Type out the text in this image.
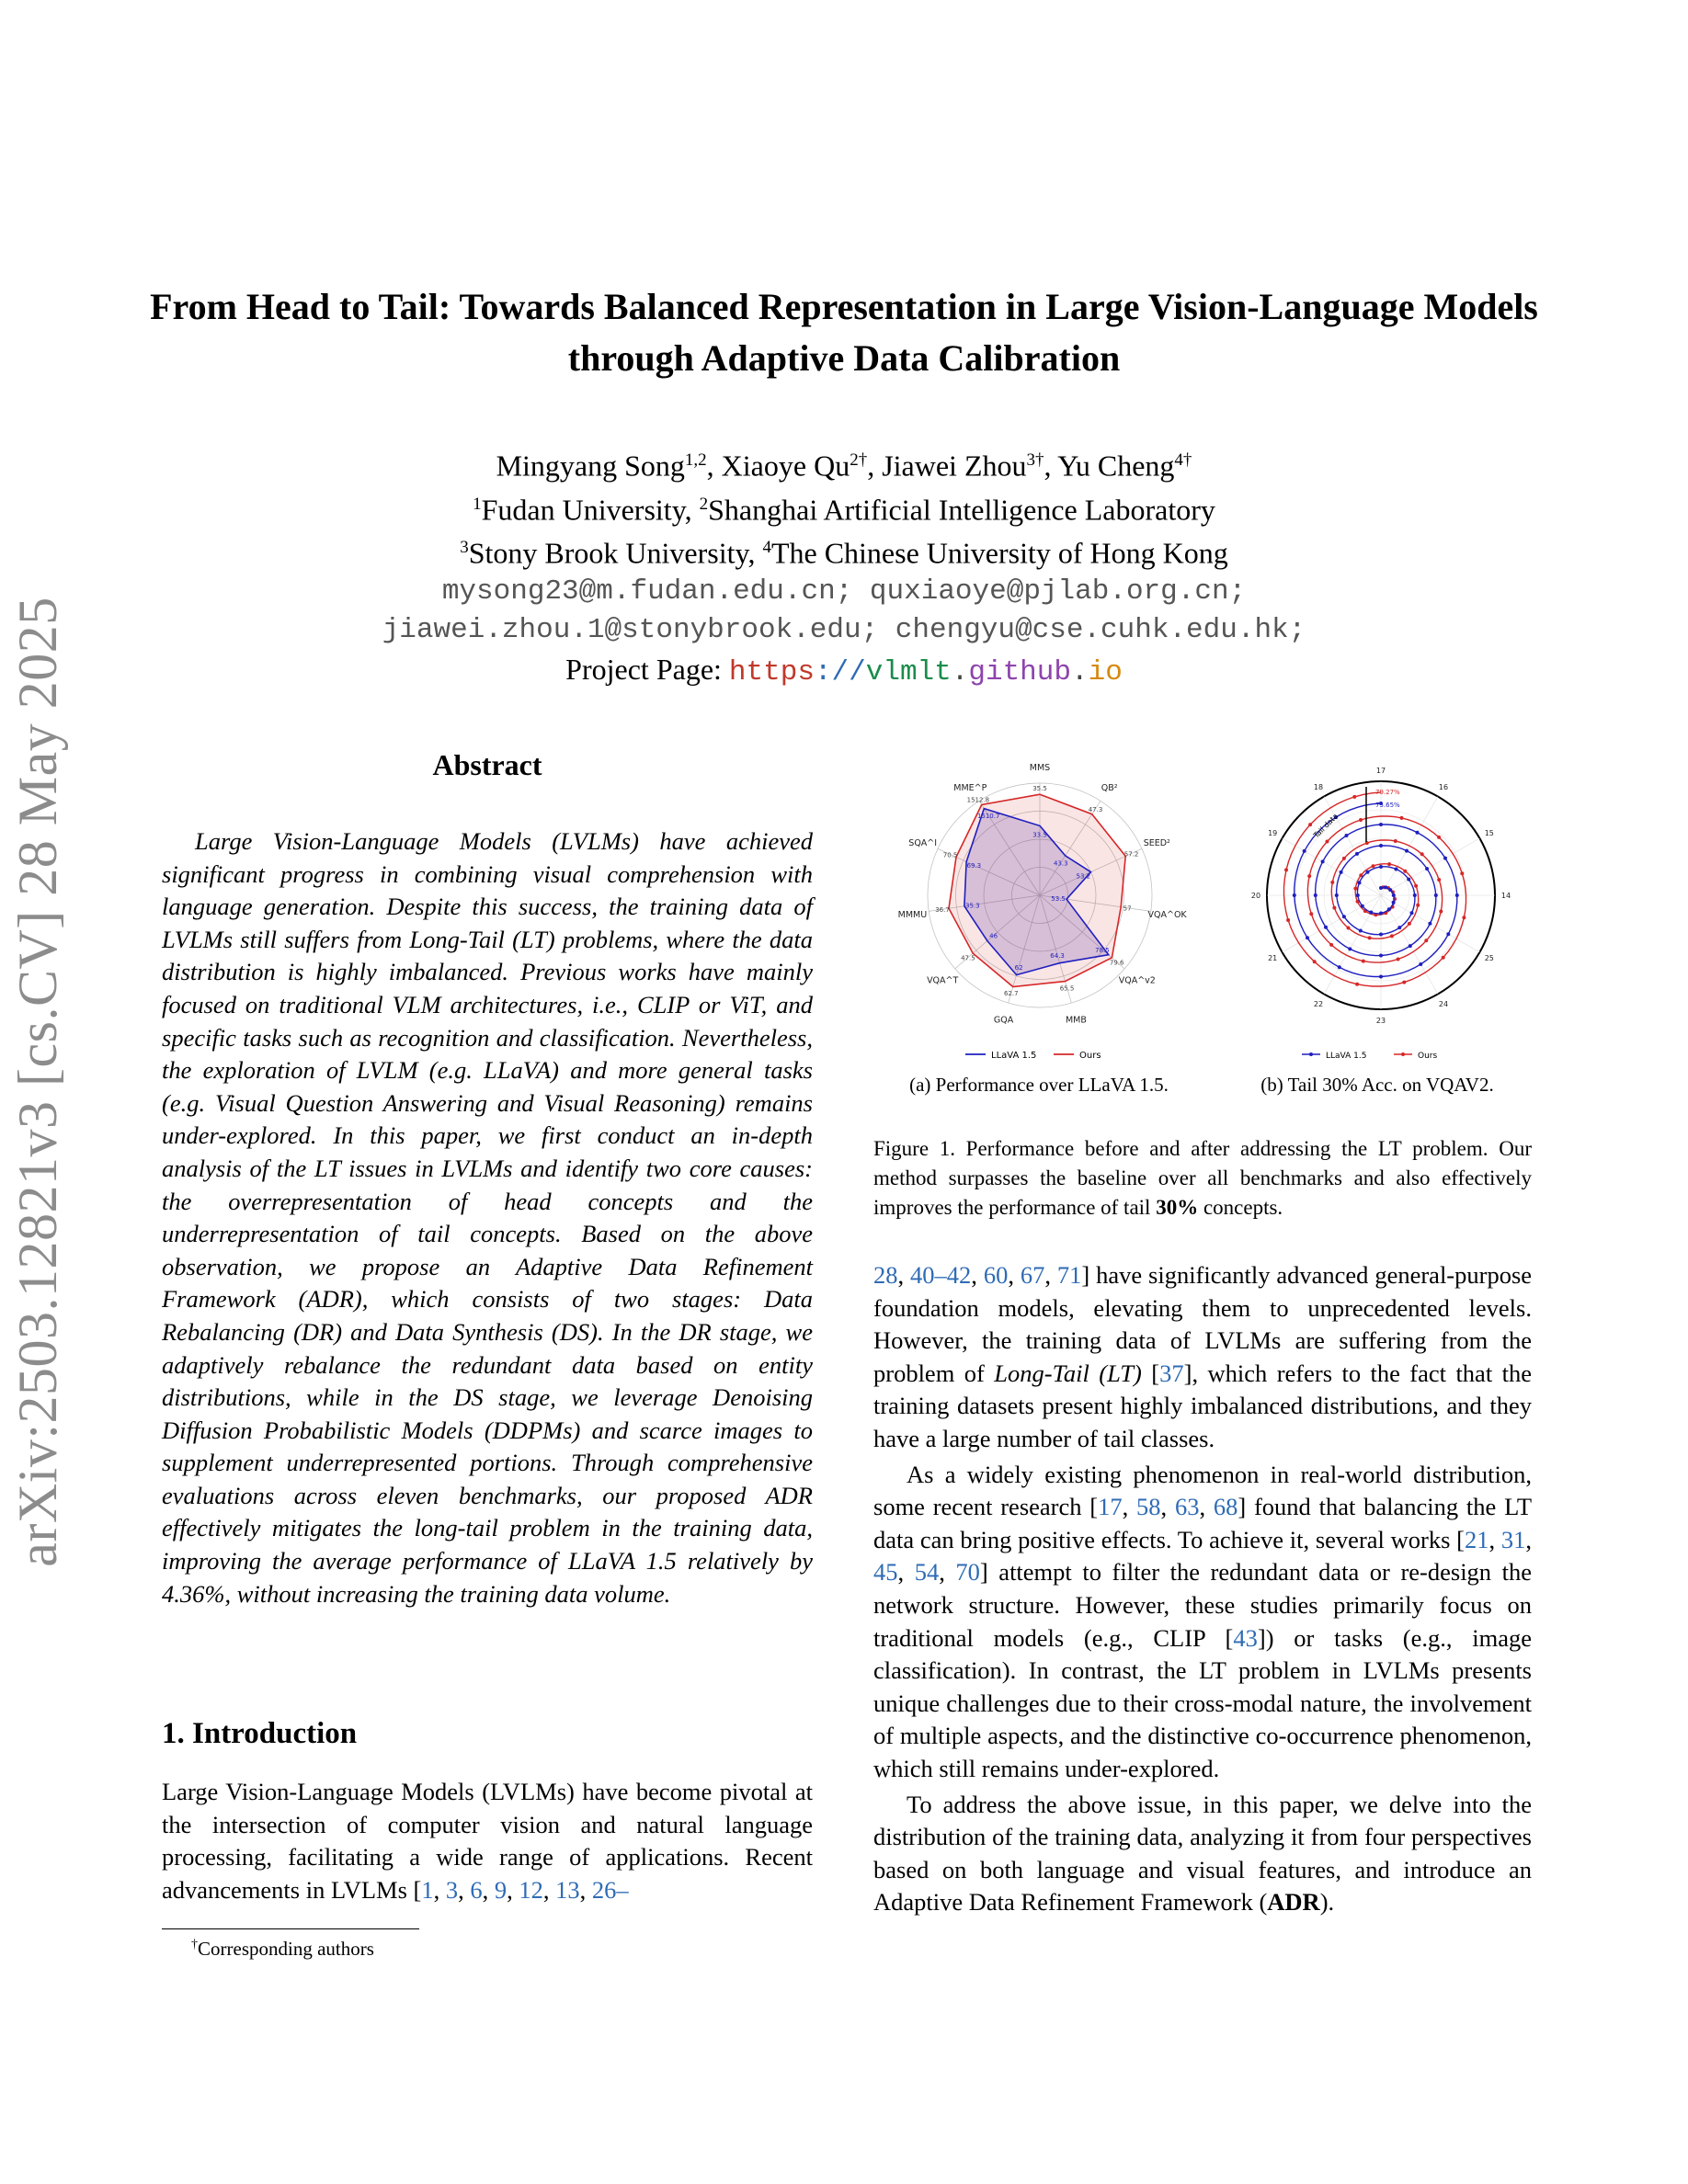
arXiv:2503.12821v3 [cs.CV] 28 May 2025
From Head to Tail: Towards Balanced Representation in Large Vision-Language Models through Adaptive Data Calibration
Mingyang Song$^{1,2}$, Xiaoye $Qu^{2\dagger}$, Jiawei Zhou$^{3\dagger}$, Yu Cheng$^{4\dagger}$
$^1$Fudan University, $^2$Shanghai Artificial Intelligence Laboratory
$^3$Stony Brook University, $^4$The Chinese University of Hong Kong
mysong23@m.fudan.edu.cn; quxiaoye@pjlab.org.cn;
jiawei.zhou.1@stonybrook.edu; chengyu@cse.cuhk.edu.hk;
Project Page: https://vlmlt.github.io
Abstract
Large Vision-Language Models (LVLMs) have achieved significant progress in combining visual comprehension with language generation. Despite this success, the training data of LVLMs still suffers from Long-Tail (LT) problems, where the data distribution is highly imbalanced. Previous works have mainly focused on traditional VLM architectures, i.e., CLIP or ViT, and specific tasks such as recognition and classification. Nevertheless, the exploration of LVLM (e.g. LLaVA) and more general tasks (e.g. Visual Question Answering and Visual Reasoning) remains under-explored. In this paper, we first conduct an in-depth analysis of the LT issues in LVLMs and identify two core causes: the overrepresentation of head concepts and the underrepresentation of tail concepts. Based on the above observation, we propose an Adaptive Data Refinement Framework (ADR), which consists of two stages: Data Rebalancing (DR) and Data Synthesis (DS). In the DR stage, we adaptively rebalance the redundant data based on entity distributions, while in the DS stage, we leverage Denoising Diffusion Probabilistic Models (DDPMs) and scarce images to supplement underrepresented portions. Through comprehensive evaluations across eleven benchmarks, our proposed ADR effectively mitigates the long-tail problem in the training data, improving the average performance of LLaVA 1.5 relatively by 4.36%, without increasing the training data volume.
1. Introduction
Large Vision-Language Models (LVLMs) have become pivotal at the intersection of computer vision and natural language processing, facilitating a wide range of applications. Recent advancements in LVLMs [1, 3, 6, 9, 12, 13, 26–
†Corresponding authors
33.5
43.3
53.2
53.5
78.5
64.3
62
46
35.3
69.3
1510.7
35.5
47.3
57.2
57
79.6
65.5
62.7
47.5
36.7
70.5
1512.8
MMS
QB²
SEED²
VQA^OK
VQA^v2
MMB
GQA
VQA^T
MMMU
SQA^I
MME^P
LLaVA 1.5	Ours
17
16
15
14
25
24
23
22
21
20
19
18
79.27%
75.65%
Tail data
LLaVA 1.5	Ours
(a) Performance over LLaVA 1.5.	(b) Tail 30% Acc. on VQAV2.
Figure 1. Performance before and after addressing the LT problem. Our method surpasses the baseline over all benchmarks and also effectively improves the performance of tail 30% concepts.

28, 40–42, 60, 67, 71] have significantly advanced general-purpose foundation models, elevating them to unprecedented levels. However, the training data of LVLMs are suffering from the problem of Long-Tail (LT) [37], which refers to the fact that the training datasets present highly imbalanced distributions, and they have a large number of tail classes.

As a widely existing phenomenon in real-world distribution, some recent research [17, 58, 63, 68] found that balancing the LT data can bring positive effects. To achieve it, several works [21, 31, 45, 54, 70] attempt to filter the redundant data or re-design the network structure. However, these studies primarily focus on traditional models (e.g., CLIP [43]) or tasks (e.g., image classification). In contrast, the LT problem in LVLMs presents unique challenges due to their cross-modal nature, the involvement of multiple aspects, and the distinctive co-occurrence phenomenon, which still remains under-explored.

To address the above issue, in this paper, we delve into the distribution of the training data, analyzing it from four perspectives based on both language and visual features, and introduce an Adaptive Data Refinement Framework (ADR).
